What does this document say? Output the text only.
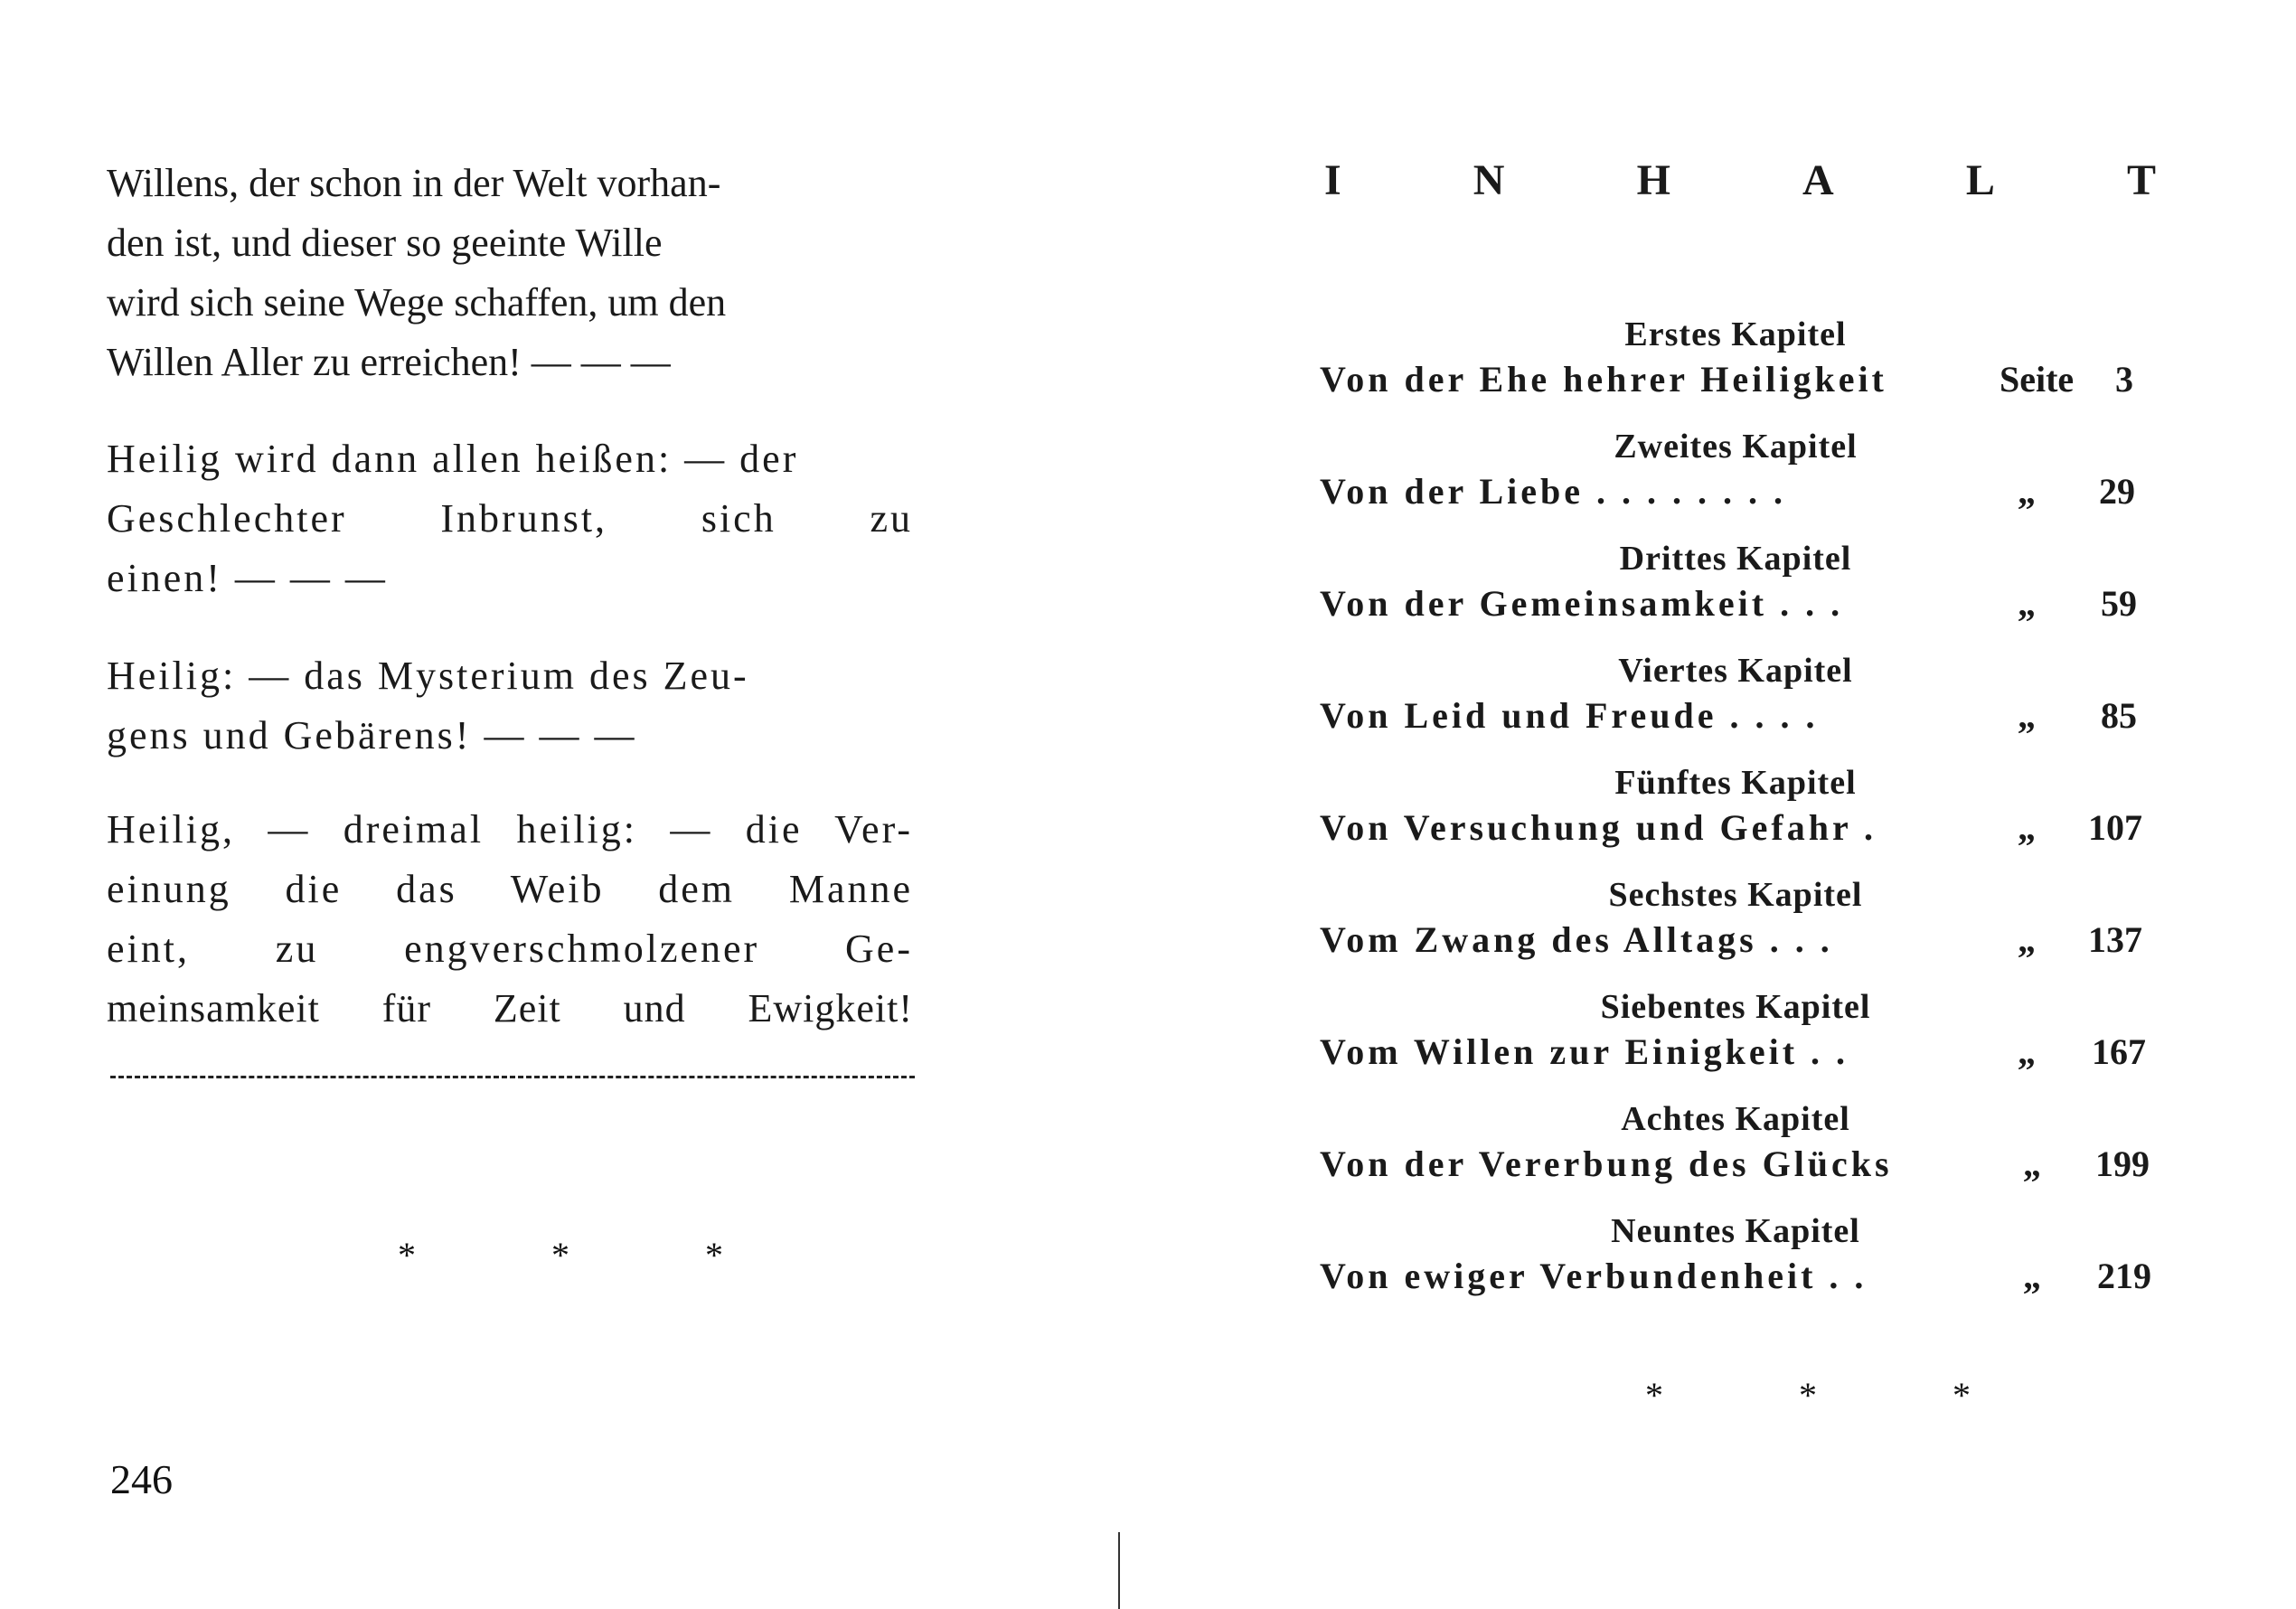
Willens, der schon in der Welt vorhan-
den ist, und dieser so geeinte Wille
wird sich seine Wege schaffen, um den
Willen Aller zu erreichen! — — —
Heilig wird dann allen heißen: — der
Geschlechter Inbrunst, sich zu
einen! — — —
Heilig: — das Mysterium des Zeu-
gens und Gebärens! — — —
Heilig, — dreimal heilig: — die Ver-
einung die das Weib dem Manne
eint, zu engverschmolzener Ge-
meinsamkeit für Zeit und Ewigkeit!
* * *
246
I	N	H	A	L	T
Erstes Kapitel
Von der Ehe hehrer Heiligkeit	Seite 3
Zweites Kapitel
Von der Liebe . . . . . . . .	„ 29
Drittes Kapitel
Von der Gemeinsamkeit . . .	„ 59
Viertes Kapitel
Von Leid und Freude . . . .	„ 85
Fünftes Kapitel
Von Versuchung und Gefahr .	„ 107
Sechstes Kapitel
Vom Zwang des Alltags . . .	„ 137
Siebentes Kapitel
Vom Willen zur Einigkeit . .	„ 167
Achtes Kapitel
Von der Vererbung des Glücks	„ 199
Neuntes Kapitel
Von ewiger Verbundenheit . .	„ 219
* * *
